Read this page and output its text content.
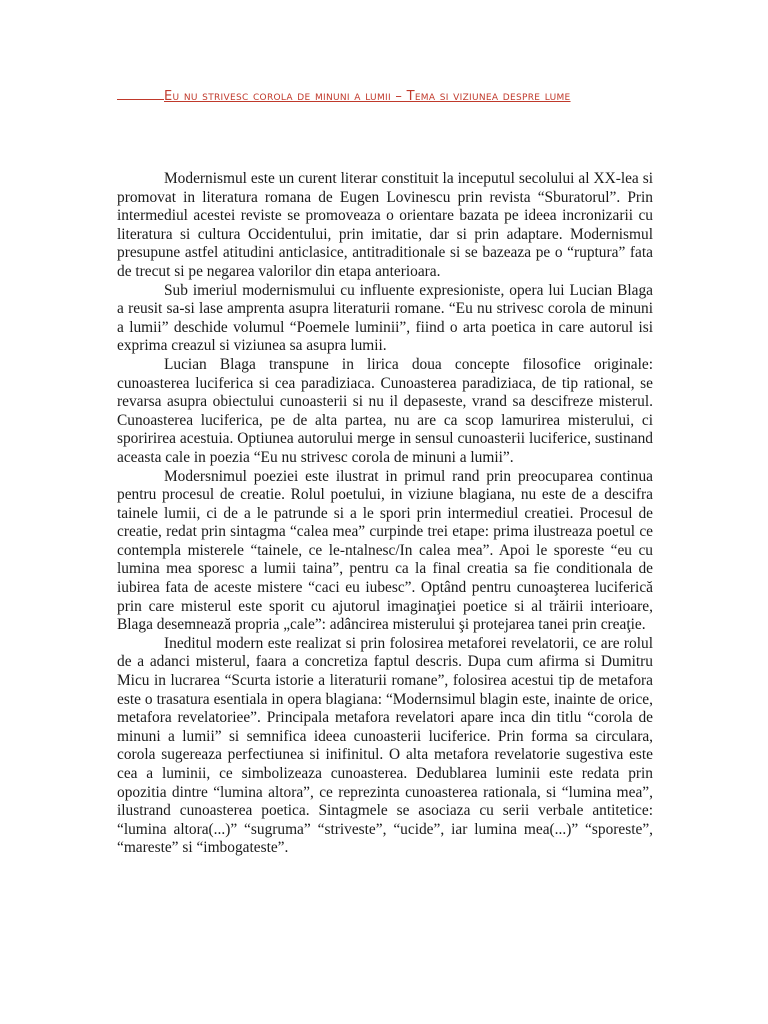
Eu nu strivesc corola de minuni a lumii – Tema si viziunea despre lume

Modernismul este un curent literar constituit la inceputul secolului al XX-lea si promovat in literatura romana de Eugen Lovinescu prin revista “Sburatorul”. Prin intermediul acestei reviste se promoveaza o orientare bazata pe ideea incronizarii cu literatura si cultura Occidentului, prin imitatie, dar si prin adaptare. Modernismul presupune astfel atitudini anticlasice, antitraditionale si se bazeaza pe o “ruptura” fata de trecut si pe negarea valorilor din etapa anterioara.

Sub imeriul modernismului cu influente expresioniste, opera lui Lucian Blaga a reusit sa-si lase amprenta asupra literaturii romane. “Eu nu strivesc corola de minuni a lumii” deschide volumul “Poemele luminii”, fiind o arta poetica in care autorul isi exprima creazul si viziunea sa asupra lumii.

Lucian Blaga transpune in lirica doua concepte filosofice originale: cunoasterea luciferica si cea paradiziaca. Cunoasterea paradiziaca, de tip rational, se revarsa asupra obiectului cunoasterii si nu il depaseste, vrand sa descifreze misterul. Cunoasterea luciferica, pe de alta partea, nu are ca scop lamurirea misterului, ci sporirirea acestuia. Optiunea autorului merge in sensul cunoasterii luciferice, sustinand aceasta cale in poezia “Eu nu strivesc corola de minuni a lumii”.

Modersnimul poeziei este ilustrat in primul rand prin preocuparea continua pentru procesul de creatie. Rolul poetului, in viziune blagiana, nu este de a descifra tainele lumii, ci de a le patrunde si a le spori prin intermediul creatiei. Procesul de creatie, redat prin sintagma “calea mea” curpinde trei etape: prima ilustreaza poetul ce contempla misterele “tainele, ce le-ntalnesc/In calea mea”. Apoi le sporeste “eu cu lumina mea sporesc a lumii taina”, pentru ca la final creatia sa fie conditionala de iubirea fata de aceste mistere “caci eu iubesc”. Optând pentru cunoaşterea luciferică prin care misterul este sporit cu ajutorul imaginaţiei poetice si al trăirii interioare, Blaga desemnează propria „cale”: adâncirea misterului şi protejarea tanei prin creaţie.

Ineditul modern este realizat si prin folosirea metaforei revelatorii, ce are rolul de a adanci misterul, faara a concretiza faptul descris. Dupa cum afirma si Dumitru Micu in lucrarea “Scurta istorie a literaturii romane”, folosirea acestui tip de metafora este o trasatura esentiala in opera blagiana: “Modernsimul blagin este, inainte de orice, metafora revelatoriee”. Principala metafora revelatori apare inca din titlu “corola de minuni a lumii” si semnifica ideea cunoasterii luciferice. Prin forma sa circulara, corola sugereaza perfectiunea si inifinitul. O alta metafora revelatorie sugestiva este cea a luminii, ce simbolizeaza cunoasterea. Dedublarea luminii este redata prin opozitia dintre “lumina altora”, ce reprezinta cunoasterea rationala, si “lumina mea”, ilustrand cunoasterea poetica. Sintagmele se asociaza cu serii verbale antitetice: “lumina altora(...)” “sugruma” “striveste”, “ucide”, iar lumina mea(...)” “sporeste”, “mareste” si “imbogateste”.
